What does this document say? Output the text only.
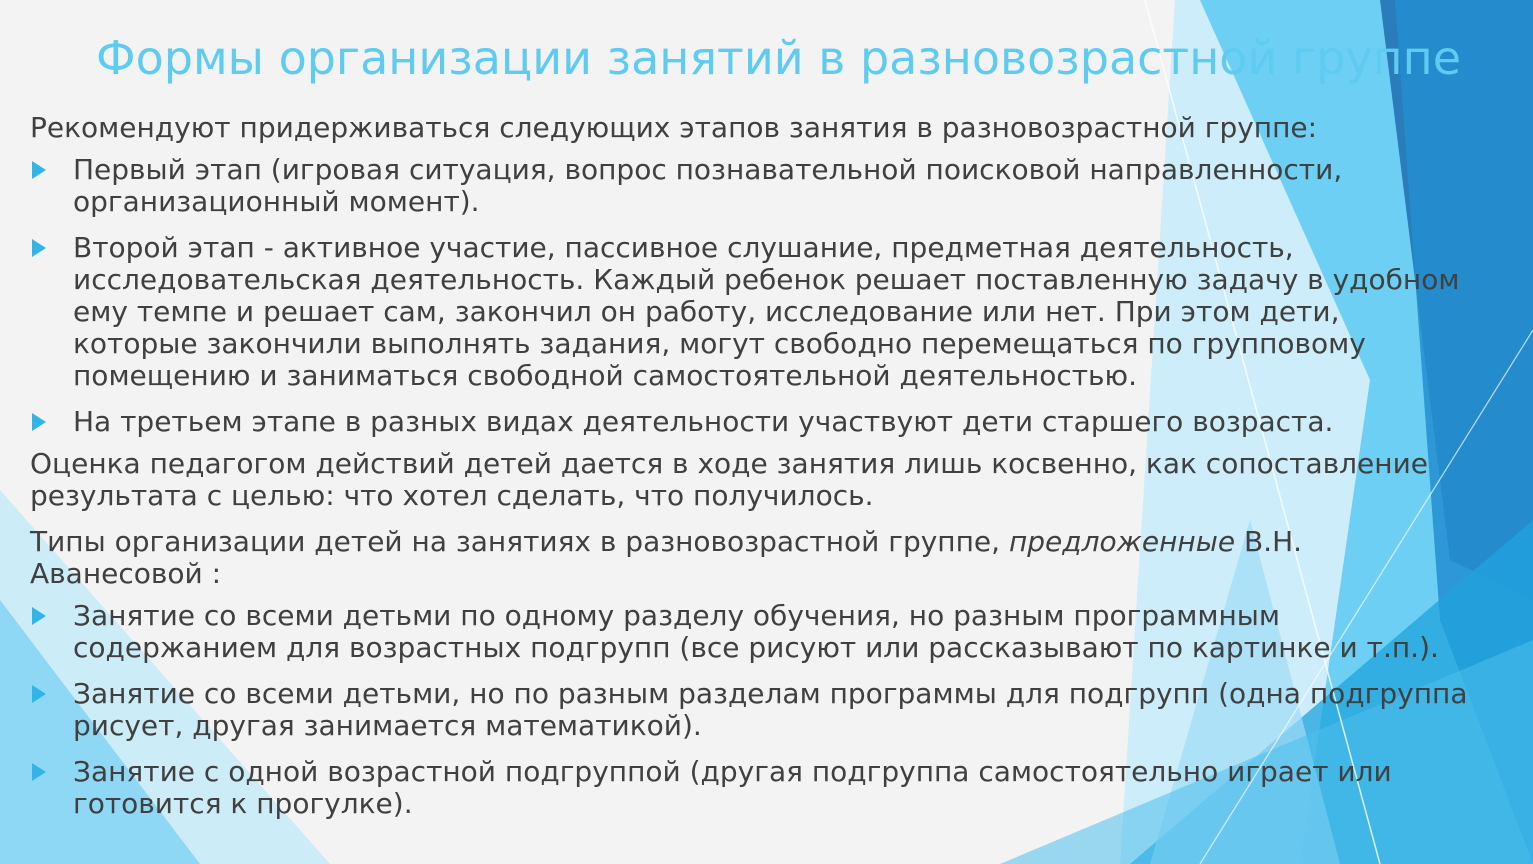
Формы организации занятий в разновозрастной группе

Рекомендуют придерживаться следующих этапов занятия в разновозрастной группе:

Первый этап (игровая ситуация, вопрос познавательной поисковой направленности,
организационный момент).
Второй этап - активное участие, пассивное слушание, предметная деятельность,
исследовательская деятельность. Каждый ребенок решает поставленную задачу в удобном
ему темпе и решает сам, закончил он работу, исследование или нет. При этом дети,
которые закончили выполнять задания, могут свободно перемещаться по групповому
помещению и заниматься свободной самостоятельной деятельностью.
На третьем этапе в разных видах деятельности участвуют дети старшего возраста.
Оценка педагогом действий детей дается в ходе занятия лишь косвенно, как сопоставление
результата с целью: что хотел сделать, что получилось.
Типы организации детей на занятиях в разновозрастной группе, предложенные В.Н.
Аванесовой :
Занятие со всеми детьми по одному разделу обучения, но разным программным
содержанием для возрастных подгрупп (все рисуют или рассказывают по картинке и т.п.).
Занятие со всеми детьми, но по разным разделам программы для подгрупп (одна подгруппа
рисует, другая занимается математикой).
Занятие с одной возрастной подгруппой (другая подгруппа самостоятельно играет или
готовится к прогулке).
